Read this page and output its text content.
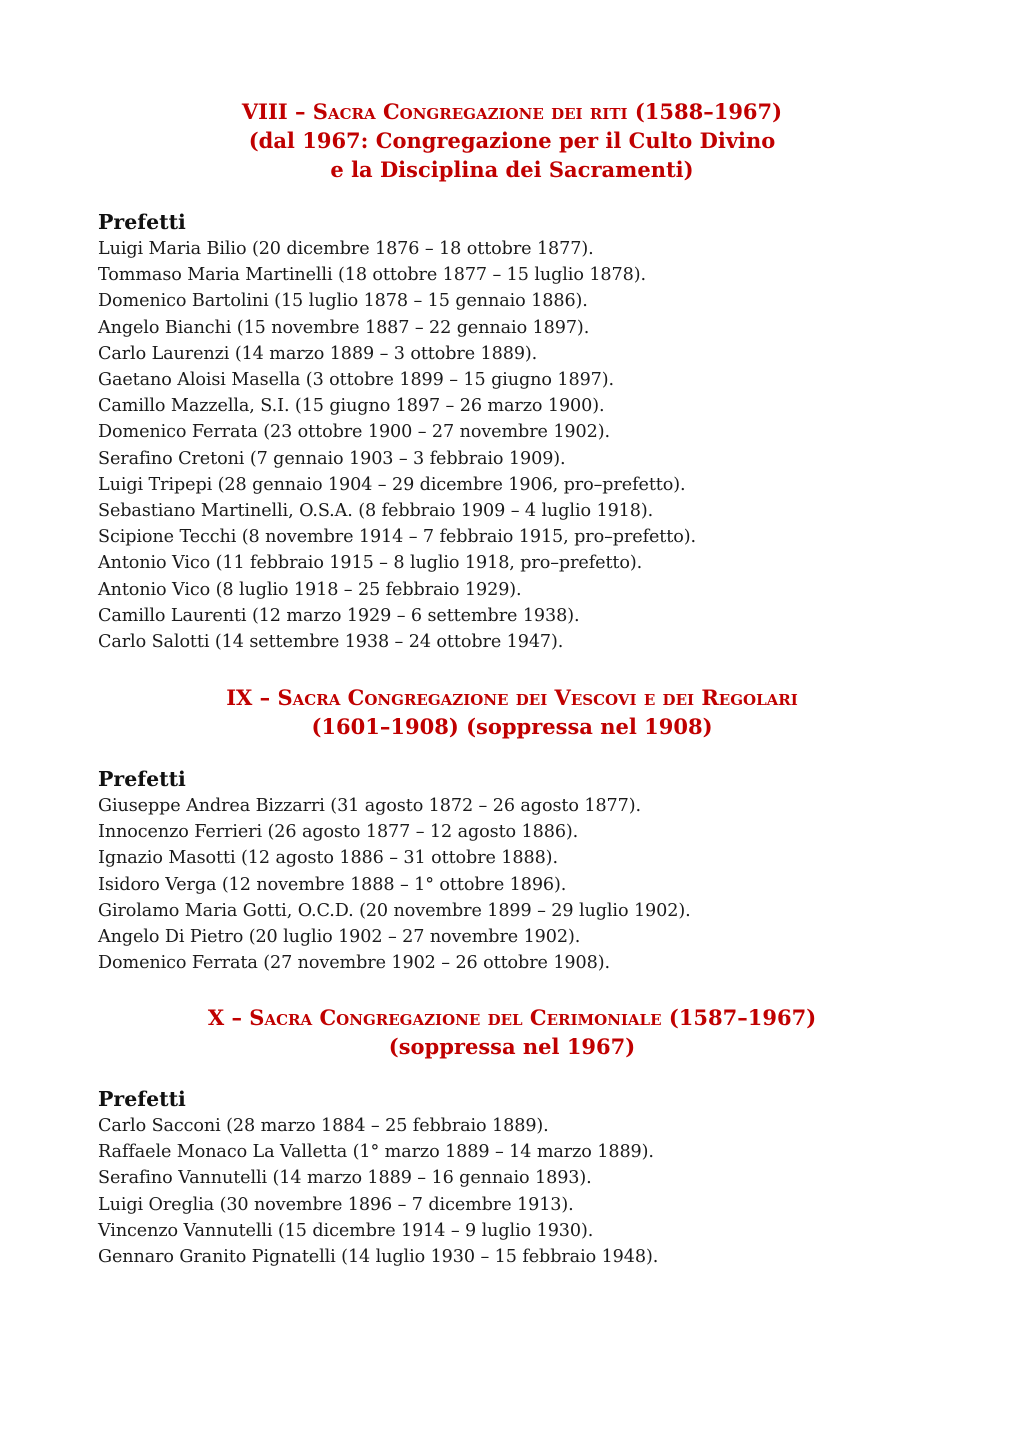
VIII – Sacra Congregazione dei riti (1588–1967)
(dal 1967: Congregazione per il Culto Divino
e la Disciplina dei Sacramenti)
Prefetti
Luigi Maria Bilio (20 dicembre 1876 – 18 ottobre 1877).
Tommaso Maria Martinelli (18 ottobre 1877 – 15 luglio 1878).
Domenico Bartolini (15 luglio 1878 – 15 gennaio 1886).
Angelo Bianchi (15 novembre 1887 – 22 gennaio 1897).
Carlo Laurenzi (14 marzo 1889 – 3 ottobre 1889).
Gaetano Aloisi Masella (3 ottobre 1899 – 15 giugno 1897).
Camillo Mazzella, S.I. (15 giugno 1897 – 26 marzo 1900).
Domenico Ferrata (23 ottobre 1900 – 27 novembre 1902).
Serafino Cretoni (7 gennaio 1903 – 3 febbraio 1909).
Luigi Tripepi (28 gennaio 1904 – 29 dicembre 1906, pro–prefetto).
Sebastiano Martinelli, O.S.A. (8 febbraio 1909 – 4 luglio 1918).
Scipione Tecchi (8 novembre 1914 – 7 febbraio 1915, pro–prefetto).
Antonio Vico (11 febbraio 1915 – 8 luglio 1918, pro–prefetto).
Antonio Vico (8 luglio 1918 – 25 febbraio 1929).
Camillo Laurenti (12 marzo 1929 – 6 settembre 1938).
Carlo Salotti (14 settembre 1938 – 24 ottobre 1947).
IX – Sacra Congregazione dei Vescovi e dei Regolari
(1601–1908) (soppressa nel 1908)
Prefetti
Giuseppe Andrea Bizzarri (31 agosto 1872 – 26 agosto 1877).
Innocenzo Ferrieri (26 agosto 1877 – 12 agosto 1886).
Ignazio Masotti (12 agosto 1886 – 31 ottobre 1888).
Isidoro Verga (12 novembre 1888 – 1° ottobre 1896).
Girolamo Maria Gotti, O.C.D. (20 novembre 1899 – 29 luglio 1902).
Angelo Di Pietro (20 luglio 1902 – 27 novembre 1902).
Domenico Ferrata (27 novembre 1902 – 26 ottobre 1908).
X – Sacra Congregazione del Cerimoniale (1587–1967)
(soppressa nel 1967)
Prefetti
Carlo Sacconi (28 marzo 1884 – 25 febbraio 1889).
Raffaele Monaco La Valletta (1° marzo 1889 – 14 marzo 1889).
Serafino Vannutelli (14 marzo 1889 – 16 gennaio 1893).
Luigi Oreglia (30 novembre 1896 – 7 dicembre 1913).
Vincenzo Vannutelli (15 dicembre 1914 – 9 luglio 1930).
Gennaro Granito Pignatelli (14 luglio 1930 – 15 febbraio 1948).
